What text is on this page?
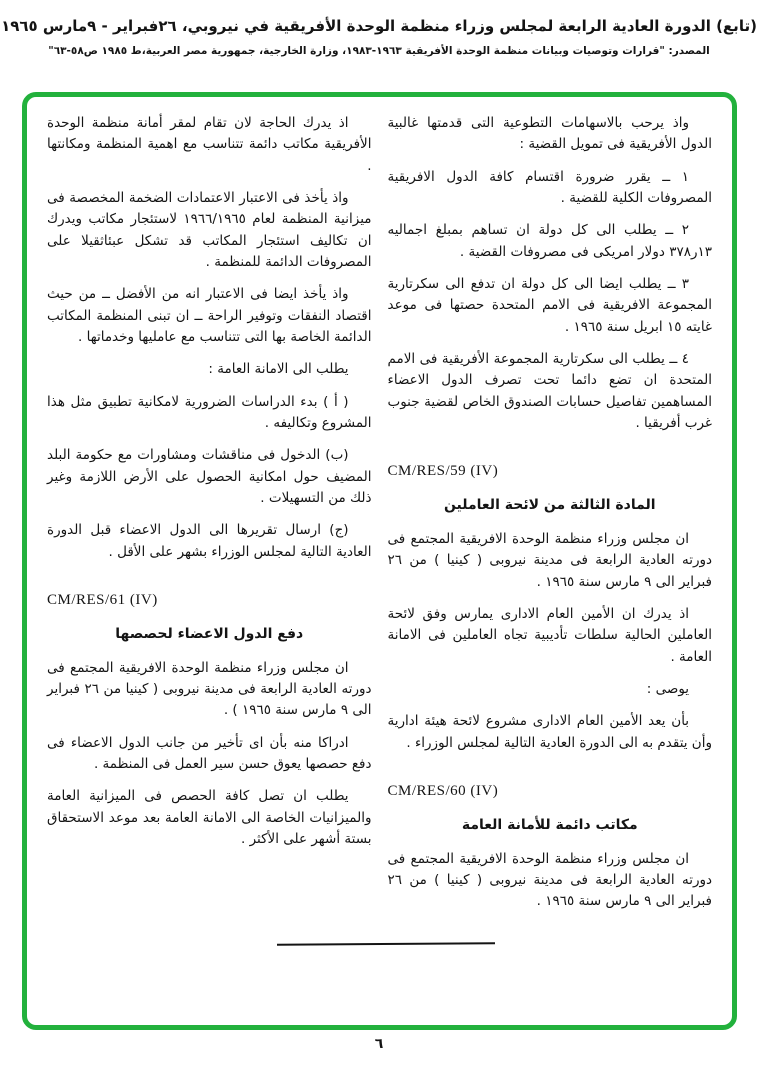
(تابع) الدورة العادية الرابعة لمجلس وزراء منظمة الوحدة الأفريقية في نيروبي، ٢٦فبراير - ٩مارس ١٩٦٥
المصدر: "قرارات وتوصيات وبيانات منظمة الوحدة الأفريقية ١٩٦٣-١٩٨٣، وزارة الخارجية، جمهورية مصر العربية،ط ١٩٨٥ ص٥٨-٦٣"

واذ يرحب بالاسهامات التطوعية التى قدمتها غالبية الدول الأفريقية فى تمويل القضية :

١ ــ يقرر ضرورة اقتسام كافة الدول الافريقية المصروفات الكلية للقضية .

٢ ــ يطلب الى كل دولة ان تساهم بمبلغ اجماليه ١٣ر٣٧٨ دولار امريكى فى مصروفات القضية .

٣ ــ يطلب ايضا الى كل دولة ان تدفع الى سكرتارية المجموعة الافريقية فى الامم المتحدة حصتها فى موعد غايته ١٥ ابريل سنة ١٩٦٥ .

٤ ــ يطلب الى سكرتارية المجموعة الأفريقية فى الامم المتحدة ان تضع دائما تحت تصرف الدول الاعضاء المساهمين تفاصيل حسابات الصندوق الخاص لقضية جنوب غرب أفريقيا .

CM/RES/59 (IV)

المادة الثالثة من لائحة العاملين

ان مجلس وزراء منظمة الوحدة الافريقية المجتمع فى دورته العادية الرابعة فى مدينة نيروبى ( كينيا ) من ٢٦ فبراير الى ٩ مارس سنة ١٩٦٥ .

اذ يدرك ان الأمين العام الادارى يمارس وفق لائحة العاملين الحالية سلطات تأديبية تجاه العاملين فى الامانة العامة .

يوصى :

بأن يعد الأمين العام الادارى مشروع لائحة هيئة ادارية وأن يتقدم به الى الدورة العادية التالية لمجلس الوزراء .

CM/RES/60 (IV)

مكاتب دائمة للأمانة العامة

ان مجلس وزراء منظمة الوحدة الافريقية المجتمع فى دورته العادية الرابعة فى مدينة نيروبى ( كينيا ) من ٢٦ فبراير الى ٩ مارس سنة ١٩٦٥ .

اذ يدرك الحاجة لان تقام لمقر أمانة منظمة الوحدة الأفريقية مكاتب دائمة تتناسب مع اهمية المنظمة ومكانتها .

واذ يأخذ فى الاعتبار الاعتمادات الضخمة المخصصة فى ميزانية المنظمة لعام ١٩٦٦/١٩٦٥ لاستئجار مكاتب ويدرك ان تكاليف استئجار المكاتب قد تشكل عبئاثقيلا على المصروفات الدائمة للمنظمة .

واذ يأخذ ايضا فى الاعتبار انه من الأفضل ــ من حيث اقتصاد النفقات وتوفير الراحة ــ ان تبنى المنظمة المكاتب الدائمة الخاصة بها التى تتناسب مع عامليها وخدماتها .

يطلب الى الامانة العامة :

( أ ) بدء الدراسات الضرورية لامكانية تطبيق مثل هذا المشروع وتكاليفه .

(ب) الدخول فى مناقشات ومشاورات مع حكومة البلد المضيف حول امكانية الحصول على الأرض اللازمة وغير ذلك من التسهيلات .

(ج) ارسال تقريرها الى الدول الاعضاء قبل الدورة العادية التالية لمجلس الوزراء بشهر على الأقل .

CM/RES/61 (IV)

دفع الدول الاعضاء لحصصها

ان مجلس وزراء منظمة الوحدة الافريقية المجتمع فى دورته العادية الرابعة فى مدينة نيروبى ( كينيا من ٢٦ فبراير الى ٩ مارس سنة ١٩٦٥ ) .

ادراكا منه بأن اى تأخير من جانب الدول الاعضاء فى دفع حصصها يعوق حسن سير العمل فى المنظمة .

يطلب ان تصل كافة الحصص فى الميزانية العامة والميزانيات الخاصة الى الامانة العامة بعد موعد الاستحقاق بستة أشهر على الأكثر .

٦
